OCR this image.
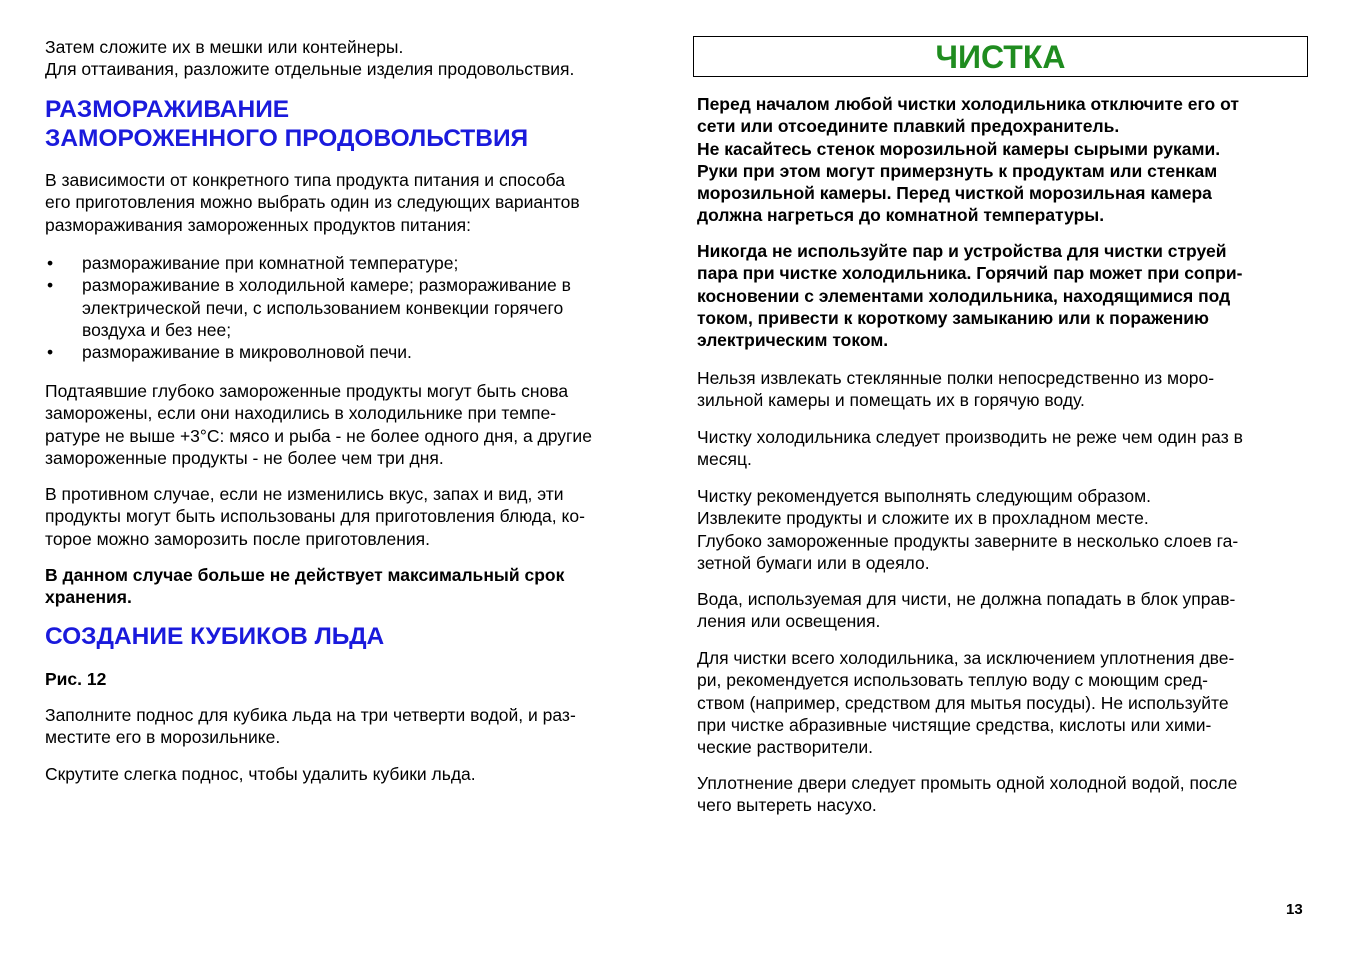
Затем сложите их в мешки или контейнеры.
Для оттаивания, разложите отдельные изделия продовольствия.

РАЗМОРАЖИВАНИЕ
ЗАМОРОЖЕННОГО ПРОДОВОЛЬСТВИЯ

В зависимости от конкретного типа продукта питания и способа
его приготовления можно выбрать один из следующих вариантов
размораживания замороженных продуктов питания:

• размораживание при комнатной температуре;
• размораживание в холодильной камере; размораживание в
электрической печи, с использованием конвекции горячего
воздуха и без нее;
• размораживание в микроволновой печи.

Подтаявшие глубоко замороженные продукты могут быть снова
заморожены, если они находились в холодильнике при темпе-
ратуре не выше +3°С: мясо и рыба - не более одного дня, а другие
замороженные продукты - не более чем три дня.

В противном случае, если не изменились вкус, запах и вид, эти
продукты могут быть использованы для приготовления блюда, ко-
торое можно заморозить после приготовления.

В данном случае больше не действует максимальный срок
хранения.

СОЗДАНИЕ КУБИКОВ ЛЬДА

Рис. 12

Заполните поднос для кубика льда на три четверти водой, и раз-
местите его в морозильнике.

Скрутите слегка поднос, чтобы удалить кубики льда.

ЧИСТКА

Перед началом любой чистки холодильника отключите его от
сети или отсоедините плавкий предохранитель.
Не касайтесь стенок морозильной камеры сырыми руками.
Руки при этом могут примерзнуть к продуктам или стенкам
морозильной камеры. Перед чисткой морозильная камера
должна нагреться до комнатной температуры.

Никогда не используйте пар и устройства для чистки струей
пара при чистке холодильника. Горячий пар может при сопри-
косновении с элементами холодильника, находящимися под
током, привести к короткому замыканию или к поражению
электрическим током.

Нельзя извлекать стеклянные полки непосредственно из моро-
зильной камеры и помещать их в горячую воду.

Чистку холодильника следует производить не реже чем один раз в
месяц.

Чистку рекомендуется выполнять следующим образом.
Извлеките продукты и сложите их в прохладном месте.
Глубоко замороженные продукты заверните в несколько слоев га-
зетной бумаги или в одеяло.

Вода, используемая для чисти, не должна попадать в блок управ-
ления или освещения.

Для чистки всего холодильника, за исключением уплотнения две-
ри, рекомендуется использовать теплую воду с моющим сред-
ством (например, средством для мытья посуды). Не используйте
при чистке абразивные чистящие средства, кислоты или хими-
ческие растворители.

Уплотнение двери следует промыть одной холодной водой, после
чего вытереть насухо.

13
